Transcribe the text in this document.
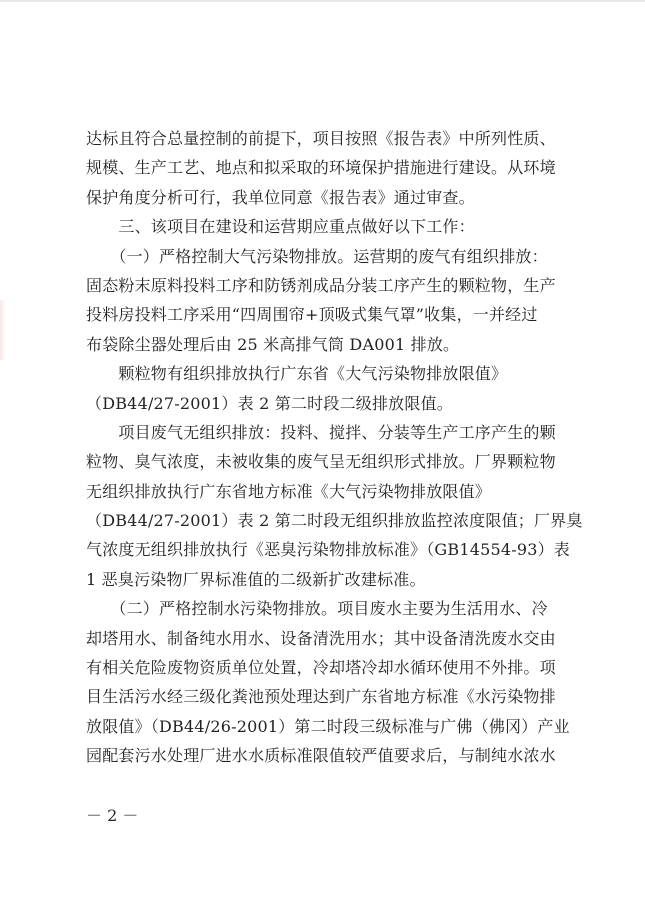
达标且符合总量控制的前提下，项目按照《报告表》中所列性质、
规模、生产工艺、地点和拟采取的环境保护措施进行建设。从环境
保护角度分析可行，我单位同意《报告表》通过审查。
　　三、该项目在建设和运营期应重点做好以下工作：
　　（一）严格控制大气污染物排放。运营期的废气有组织排放：
固态粉末原料投料工序和防锈剂成品分装工序产生的颗粒物，生产
投料房投料工序采用“四周围帘+顶吸式集气罩”收集，一并经过
布袋除尘器处理后由 25 米高排气筒 DA001 排放。
　　颗粒物有组织排放执行广东省《大气污染物排放限值》
（DB44/27-2001）表 2 第二时段二级排放限值。
　　项目废气无组织排放：投料、搅拌、分装等生产工序产生的颗
粒物、臭气浓度，未被收集的废气呈无组织形式排放。厂界颗粒物
无组织排放执行广东省地方标准《大气污染物排放限值》
（DB44/27-2001）表 2 第二时段无组织排放监控浓度限值；厂界臭
气浓度无组织排放执行《恶臭污染物排放标准》（GB14554-93）表
1 恶臭污染物厂界标准值的二级新扩改建标准。
　　（二）严格控制水污染物排放。项目废水主要为生活用水、冷
却塔用水、制备纯水用水、设备清洗用水；其中设备清洗废水交由
有相关危险废物资质单位处置，冷却塔冷却水循环使用不外排。项
目生活污水经三级化粪池预处理达到广东省地方标准《水污染物排
放限值》（DB44/26-2001）第二时段三级标准与广佛（佛冈）产业
园配套污水处理厂进水水质标准限值较严值要求后，与制纯水浓水
－ 2 －
